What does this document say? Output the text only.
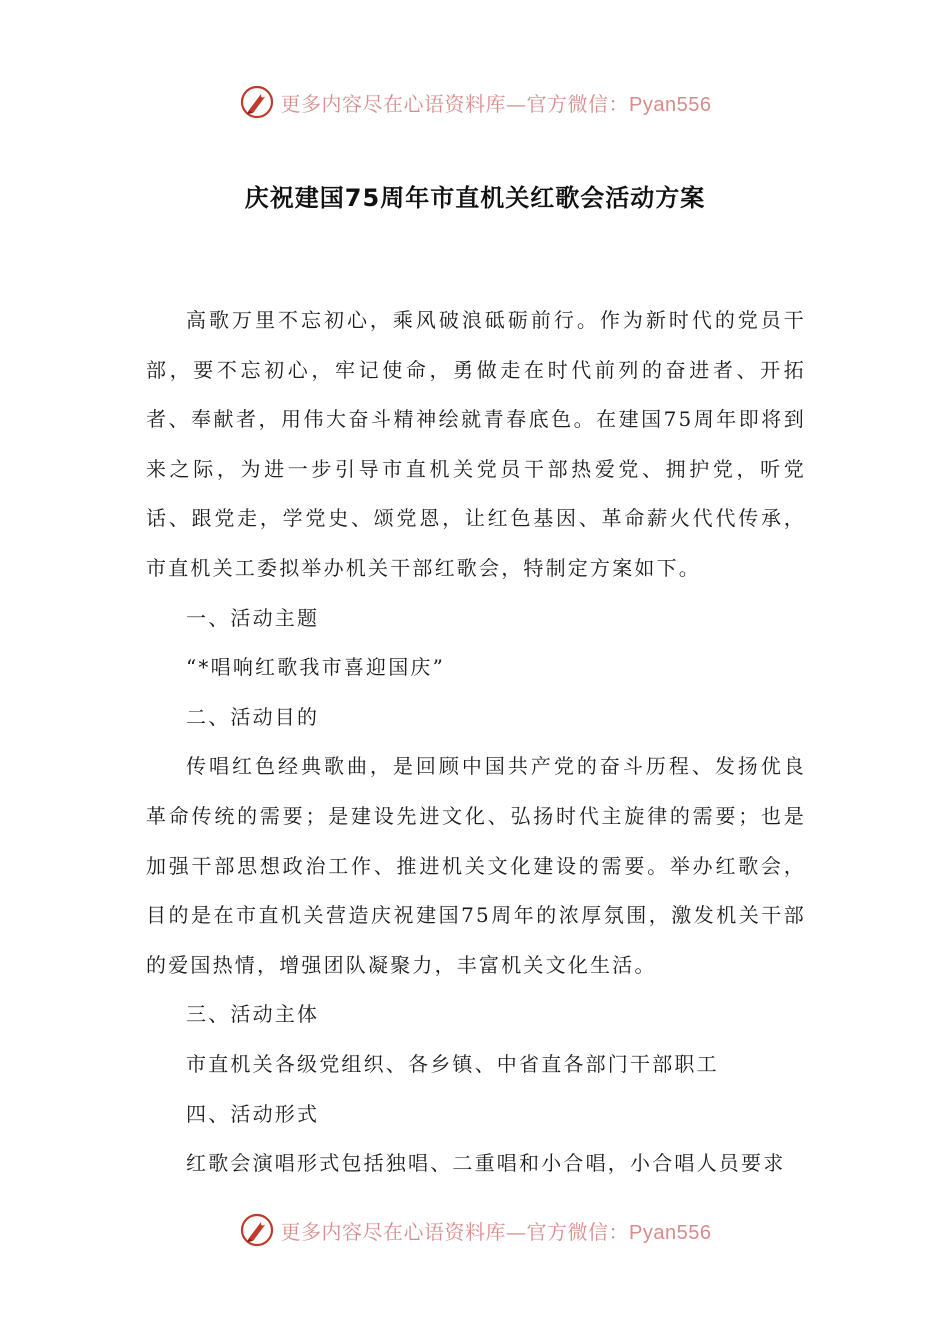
更多内容尽在心语资料库—官方微信：Pyan556
庆祝建国75周年市直机关红歌会活动方案

高歌万里不忘初心，乘风破浪砥砺前行。作为新时代的党员干部，要不忘初心，牢记使命，勇做走在时代前列的奋进者、开拓者、奉献者，用伟大奋斗精神绘就青春底色。在建国75周年即将到来之际，为进一步引导市直机关党员干部热爱党、拥护党，听党话、跟党走，学党史、颂党恩，让红色基因、革命薪火代代传承，市直机关工委拟举办机关干部红歌会，特制定方案如下。

一、活动主题

“*唱响红歌我市喜迎国庆”

二、活动目的

传唱红色经典歌曲，是回顾中国共产党的奋斗历程、发扬优良革命传统的需要；是建设先进文化、弘扬时代主旋律的需要；也是加强干部思想政治工作、推进机关文化建设的需要。举办红歌会，目的是在市直机关营造庆祝建国75周年的浓厚氛围，激发机关干部的爱国热情，增强团队凝聚力，丰富机关文化生活。

三、活动主体

市直机关各级党组织、各乡镇、中省直各部门干部职工

四、活动形式

红歌会演唱形式包括独唱、二重唱和小合唱，小合唱人员要求

更多内容尽在心语资料库—官方微信：Pyan556
